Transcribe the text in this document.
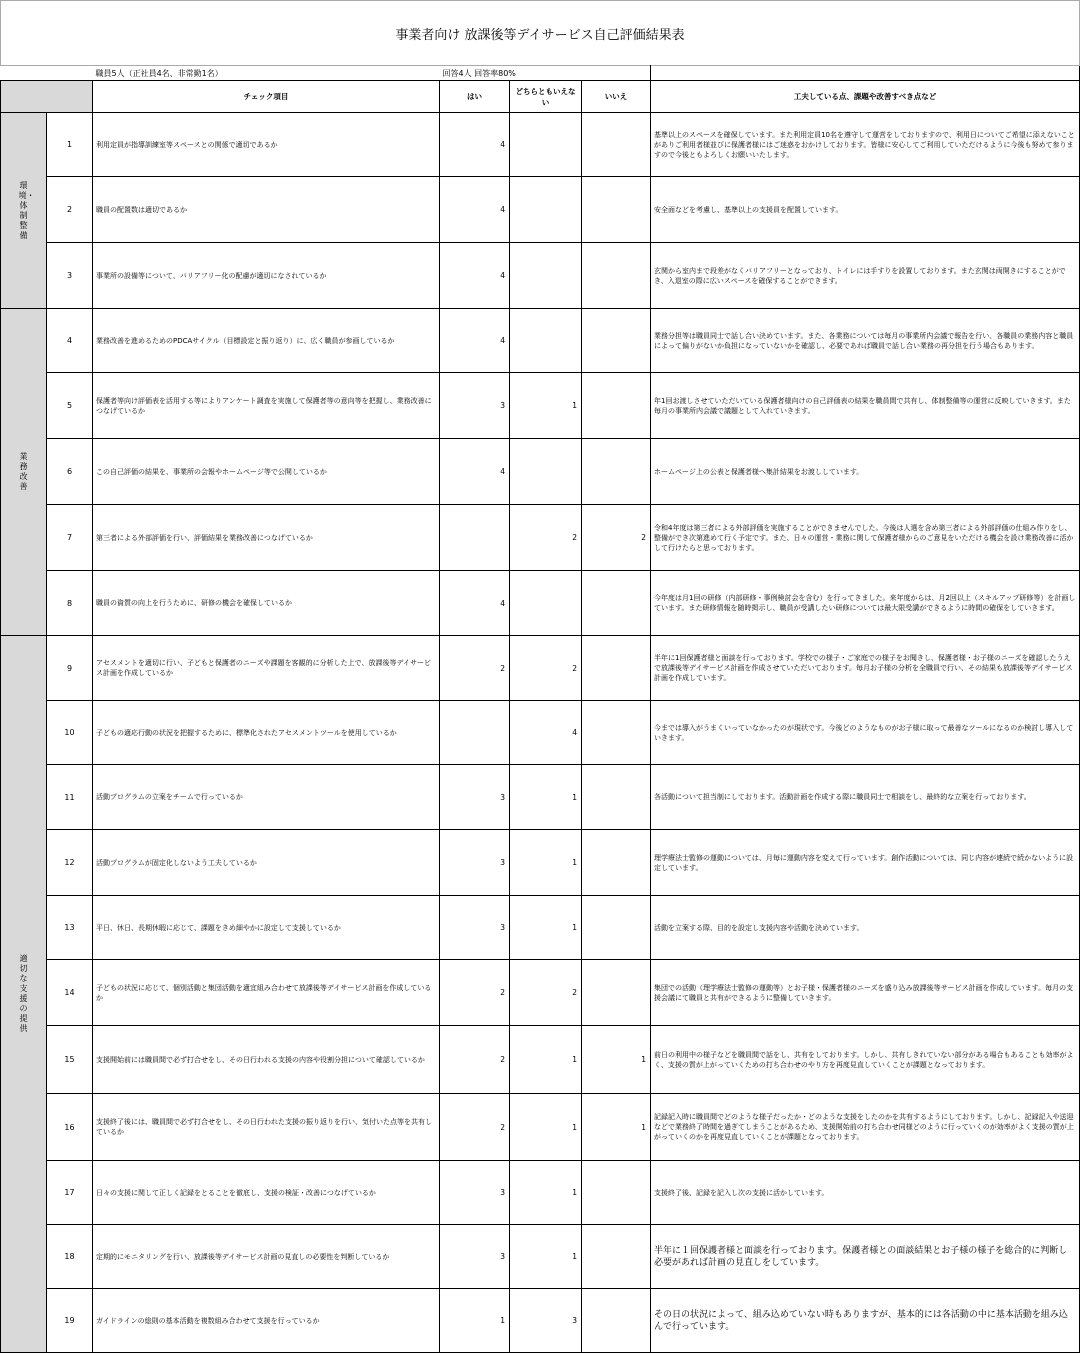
事業者向け 放課後等デイサービス自己評価結果表						
		職員5人（正社員4名、非常勤1名）	回答4人 回答率80%			
		チェック項目	はい	どちらともいえない	いいえ	工夫している点、課題や改善すべき点など
環境・体制整備	1	利用定員が指導訓練室等スペースとの関係で適切であるか	4			基準以上のスペースを確保しています。また利用定員10名を遵守して運営をしておりますので、利用日についてご希望に添えないことがありご利用者様並びに保護者様にはご迷惑をおかけしております。皆様に安心してご利用していただけるように今後も努めて参りますので今後ともよろしくお願いいたします。
	2	職員の配置数は適切であるか	4			安全面などを考慮し、基準以上の支援員を配置しています。
	3	事業所の設備等について、バリアフリー化の配慮が適切になされているか	4			玄関から室内まで段差がなくバリアフリーとなっており、トイレには手すりを設置しております。また玄関は両開きにすることができ、入退室の際に広いスペースを確保することができます。
業務改善	4	業務改善を進めるためのPDCAサイクル（目標設定と振り返り）に、広く職員が参画しているか	4			業務分担等は職員同士で話し合い決めています。また、各業務については毎月の事業所内会議で報告を行い、各職員の業務内容と職員によって偏りがないか負担になっていないかを確認し、必要であれば職員で話し合い業務の再分担を行う場合もあります。
	5	保護者等向け評価表を活用する等によりアンケート調査を実施して保護者等の意向等を把握し、業務改善につなげているか	3	1		年1回お渡しさせていただいている保護者様向けの自己評価表の結果を職員間で共有し、体制整備等の運営に反映していきます。また毎月の事業所内会議で議題として入れていきます。
	6	この自己評価の結果を、事業所の会報やホームページ等で公開しているか	4			ホームページ上の公表と保護者様へ集計結果をお渡ししています。
	7	第三者による外部評価を行い、評価結果を業務改善につなげているか		2	2	令和4年度は第三者による外部評価を実施することができませんでした。今後は人選を含め第三者による外部評価の仕組み作りをし、整備ができ次第進めて行く予定です。また、日々の運営・業務に関して保護者様からのご意見をいただける機会を設け業務改善に活かして行けたらと思っております。
	8	職員の資質の向上を行うために、研修の機会を確保しているか	4			今年度は月1回の研修（内部研修・事例検討会を含む）を行ってきました。来年度からは、月2回以上（スキルアップ研修等）を計画しています。また研修情報を随時掲示し、職員が受講したい研修については最大限受講ができるように時間の確保をしていきます。
適切な支援の提供	9	アセスメントを適切に行い、子どもと保護者のニーズや課題を客観的に分析した上で、放課後等デイサービス計画を作成しているか	2	2		半年に1回保護者様と面談を行っております。学校での様子・ご家庭での様子をお聞きし、保護者様・お子様のニーズを確認したうえで放課後等デイサービス計画を作成させていただいております。毎月お子様の分析を全職員で行い、その結果も放課後等デイサービス計画を作成しています。
	10	子どもの適応行動の状況を把握するために、標準化されたアセスメントツールを使用しているか		4		今までは導入がうまくいっていなかったのが現状です。今後どのようなものがお子様に取って最善なツールになるのか検討し導入していきます。
	11	活動プログラムの立案をチームで行っているか	3	1		各活動について担当制にしております。活動計画を作成する際に職員同士で相談をし、最終的な立案を行っております。
	12	活動プログラムが固定化しないよう工夫しているか	3	1		理学療法士監修の運動については、月毎に運動内容を変えて行っています。創作活動については、同じ内容が連続で続かないように設定しています。
	13	平日、休日、長期休暇に応じて、課題をきめ細やかに設定して支援しているか	3	1		活動を立案する際、目的を設定し支援内容や活動を決めています。
	14	子どもの状況に応じて、個別活動と集団活動を適宜組み合わせて放課後等デイサービス計画を作成しているか	2	2		集団での活動（理学療法士監修の運動等）とお子様・保護者様のニーズを盛り込み放課後等サービス計画を作成しています。毎月の支援会議にて職員と共有ができるように整備していきます。
	15	支援開始前には職員間で必ず打合せをし、その日行われる支援の内容や役割分担について確認しているか	2	1	1	前日の利用中の様子などを職員間で話をし、共有をしております。しかし、共有しきれていない部分がある場合もあることも効率がよく、支援の質が上がっていくための打ち合わせのやり方を再度見直していくことが課題となっております。
	16	支援終了後には、職員間で必ず打合せをし、その日行われた支援の振り返りを行い、気付いた点等を共有しているか	2	1	1	記録記入時に職員間でどのような様子だったか・どのような支援をしたのかを共有するようにしております。しかし、記録記入や送迎などで業務終了時間を過ぎてしまうことがあるため、支援開始前の打ち合わせ同様どのように行っていくのが効率がよく支援の質が上がっていくのかを再度見直していくことが課題となっております。
	17	日々の支援に関して正しく記録をとることを徹底し、支援の検証・改善につなげているか	3	1		支援終了後、記録を記入し次の支援に活かしています。
	18	定期的にモニタリングを行い、放課後等デイサービス計画の見直しの必要性を判断しているか	3	1		半年に１回保護者様と面談を行っております。保護者様との面談結果とお子様の様子を総合的に判断し必要があれば計画の見直しをしています。
	19	ガイドラインの総則の基本活動を複数組み合わせて支援を行っているか	1	3		その日の状況によって、組み込めていない時もありますが、基本的には各活動の中に基本活動を組み込んで行っています。
